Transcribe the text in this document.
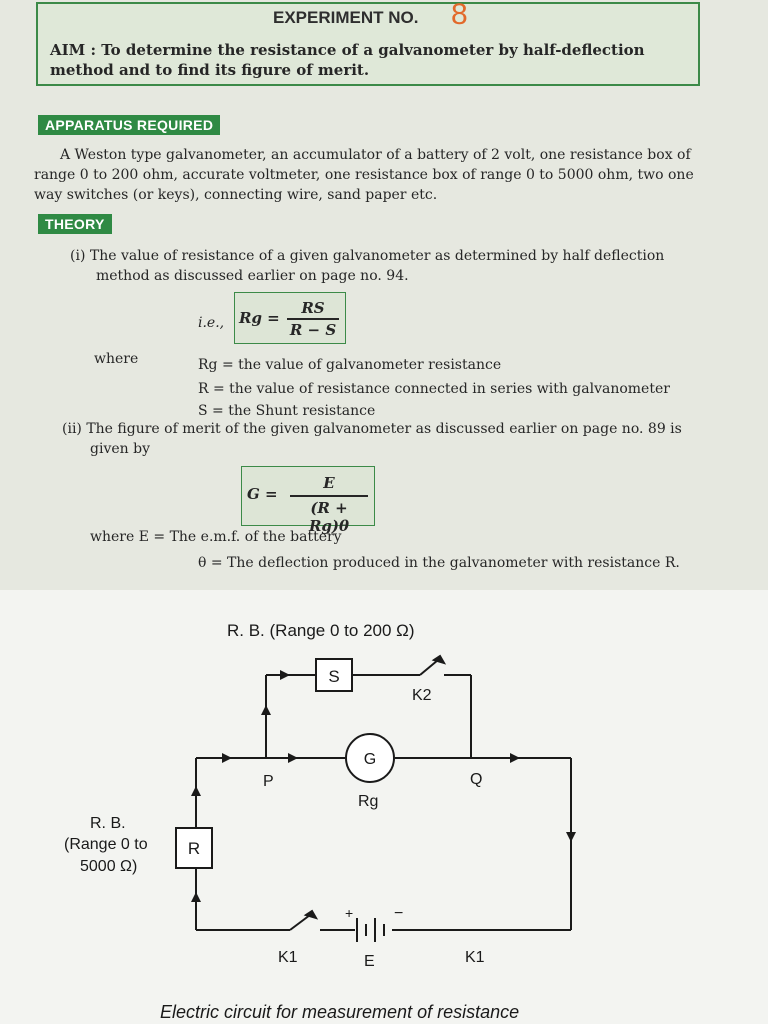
EXPERIMENT NO. 8
AIM : To determine the resistance of a galvanometer by half-deflection
method and to find its figure of merit.
APPARATUS REQUIRED
A Weston type galvanometer, an accumulator of a battery of 2 volt, one resistance box of
range 0 to 200 ohm, accurate voltmeter, one resistance box of range 0 to 5000 ohm, two one
way switches (or keys), connecting wire, sand paper etc.
THEORY
(i) The value of resistance of a given galvanometer as determined by half deflection
method as discussed earlier on page no. 94.
i.e., Rg =
RS
R − S
where	Rg = the value of galvanometer resistance
R = the value of resistance connected in series with galvanometer
S = the Shunt resistance
(ii) The figure of merit of the given galvanometer as discussed earlier on page no. 89 is
given by
G =
E
(R + Rg)θ
where E = The e.m.f. of the battery
θ = The deflection produced in the galvanometer with resistance R.
S
K2
G
P	Q
Rg
R
+	−
R. B. (Range 0 to 200 Ω)
R. B.
(Range 0 to
5000 Ω)
K1	E	K1
Electric circuit for measurement of resistance
